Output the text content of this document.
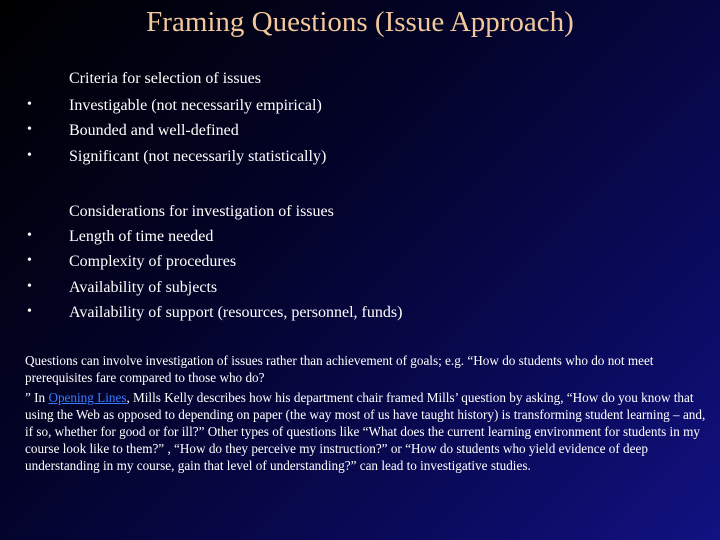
Framing Questions (Issue Approach)
Criteria for selection of issues
• Investigable (not necessarily empirical)
• Bounded and well-defined
• Significant (not necessarily statistically)
Considerations for investigation of issues
• Length of time needed
• Complexity of procedures
• Availability of subjects
• Availability of support (resources, personnel, funds)
Questions can involve investigation of issues rather than achievement of goals; e.g. “How do students who do not meet prerequisites fare compared to those who do?
” In Opening Lines, Mills Kelly describes how his department chair framed Mills’ question by asking, “How do you know that using the Web as opposed to depending on paper (the way most of us have taught history) is transforming student learning – and, if so, whether for good or for ill?” Other types of questions like “What does the current learning environment for students in my course look like to them?” , “How do they perceive my instruction?” or “How do students who yield evidence of deep understanding in my course, gain that level of understanding?” can lead to investigative studies.
